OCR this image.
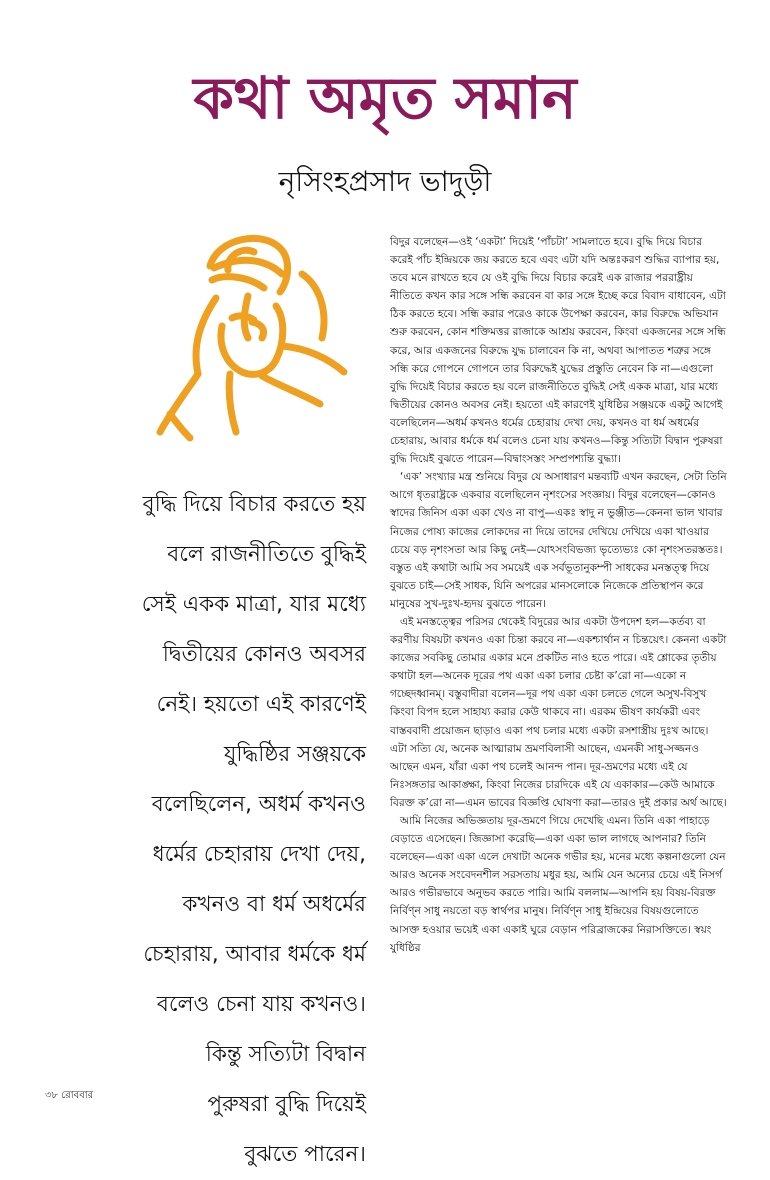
কথা অমৃত সমান
নৃসিংহপ্রসাদ ভাদুড়ী
বুদ্ধি দিয়ে বিচার করতে হয়
বলে রাজনীতিতে বুদ্ধিই
সেই একক মাত্রা, যার মধ্যে
দ্বিতীয়ের কোনও অবসর
নেই। হয়তো এই কারণেই
যুদ্ধিষ্ঠির সঞ্জয়কে
বলেছিলেন, অধর্ম কখনও
ধর্মের চেহারায় দেখা দেয়,
কখনও বা ধর্ম অধর্মের
চেহারায়, আবার ধর্মকে ধর্ম
বলেও চেনা যায় কখনও।
কিন্তু সত্যিটা বিদ্বান
পুরুষরা বুদ্ধি দিয়েই
বুঝতে পারেন।

বিদুর বলেছেন—ওই ‘একটা’ দিয়েই ‘পাঁচটা’ সামলাতে হবে। বুদ্ধি দিয়ে বিচার করেই পাঁচ ইন্দ্রিয়কে জয় করতে হবে এবং এটা যদি অন্তঃকরণ শুদ্ধির ব্যাপার হয়, তবে মনে রাখতে হবে যে ওই বুদ্ধি দিয়ে বিচার করেই এক রাজার পররাষ্ট্রীয় নীতিতে কখন কার সঙ্গে সন্ধি করবেন বা কার সঙ্গে ইচ্ছে করে বিবাদ বাধাবেন, এটা ঠিক করতে হবে। সন্ধি করার পরেও কাকে উপেক্ষা করবেন, কার বিরুদ্ধে অভিযান শুরু করবেন, কোন শক্তিমত্তর রাজাকে আশ্রয় করবেন, কিংবা একজনের সঙ্গে সন্ধি করে, আর একজনের বিরুদ্ধে যুদ্ধ চালাবেন কি না, অথবা আপাতত শত্রুর সঙ্গে সন্ধি করে গোপনে গোপনে তার বিরুদ্ধেই যুদ্ধের প্রস্তুতি নেবেন কি না—এগুলো বুদ্ধি দিয়েই বিচার করতে হয় বলে রাজনীতিতে বুদ্ধিই সেই একক মাত্রা, যার মধ্যে দ্বিতীয়ের কোনও অবসর নেই। হয়তো এই কারণেই যুধিষ্ঠির সঞ্জয়কে একটু আগেই বলেছিলেন—অধর্ম কখনও ধর্মের চেহারায় দেখা দেয়, কখনও বা ধর্ম অধর্মের চেহারায়, আবার ধর্মকে ধর্ম বলেও চেনা যায় কখনও—কিন্তু সত্যিটা বিদ্বান পুরুষরা বুদ্ধি দিয়েই বুঝতে পারেন—বিদ্বাংসস্তং সম্প্রপশ্যন্তি বুদ্ধ্যা।

‘এক’ সংখ্যার মন্ত্র শুনিয়ে বিদুর যে অসাধারণ মন্তব্যটি এখন করছেন, সেটা তিনি আগে ধৃতরাষ্ট্রকে একবার বলেছিলেন নৃশংসের সংজ্ঞায়। বিদুর বলেছেন—কোনও স্বাদের জিনিস একা একা খেও না বাপু—একঃ স্বাদু ন ভুঞ্জীত—কেননা ভাল খাবার নিজের পোষ্য কাজের লোকদের না দিয়ে তাদের দেখিয়ে দেখিয়ে একা খাওয়ার চেয়ে বড় নৃশংসতা আর কিছু নেই—যোঽসংবিভজ্য ভৃত্যেভ্যঃ কো নৃশংসতরস্ততঃ। বস্তুত এই কথাটা আমি সব সময়েই এক সর্বভূতানুকম্পী সাধকের মনস্তত্ত্ব দিয়ে বুঝতে চাই—সেই সাধক, যিনি অপরের মানসলোকে নিজেকে প্রতিস্থাপন করে মানুষের সুখ-দুঃখ-হৃদয় বুঝতে পারেন।

এই মনস্তত্ত্বের পরিসর থেকেই বিদুরের আর একটা উপদেশ হল—কর্তব্য বা করণীয় বিষয়টা কখনও একা চিন্তা করবে না—একশ্চার্থান ন চিন্তয়েৎ। কেননা একটা কাজের সবকিছু তোমার একার মনে প্রকটিত নাও হতে পারে। এই শ্লোকের তৃতীয় কথাটা হল—অনেক দূরের পথ একা একা চলার চেষ্টা ক’রো না—একো ন গচ্ছেদধ্বানম্। বস্তুবাদীরা বলেন—দূর পথ একা একা চলতে গেলে অসুখ-বিসুখ কিংবা বিপদ হলে সাহায্য করার কেউ থাকবে না। এরকম ভীষণ কার্যকরী এবং বাস্তববাদী প্রয়োজন ছাড়াও একা পথ চলার মধ্যে একটা রসশাস্ত্রীয় দুঃখ আছে। এটা সত্যি যে, অনেক আত্মারাম ভ্রমণবিলাসী আছেন, এমনকী সাধু-সজ্জনও আছেন এমন, যাঁরা একা পথ চলেই আনন্দ পান। দূর-ভ্রমণের মধ্যে এই যে নিঃসঙ্গতার আকাঙ্ক্ষা, কিংবা নিজের চারদিকে এই যে একাকার—কেউ আমাকে বিরক্ত ক’রো না—এমন ভাবের বিজ্ঞপ্তি ঘোষণা করা—তারও দুই প্রকার অর্থ আছে।

আমি নিজের অভিজ্ঞতায় দূর-ভ্রমণে গিয়ে দেখেছি এমন। তিনি একা পাহাড়ে বেড়াতে এসেছেন। জিজ্ঞাসা করেছি—একা একা ভাল লাগছে আপনার? তিনি বলেছেন—একা একা এলে দেখাটা অনেক গভীর হয়, মনের মধ্যে কল্পনাগুলো যেন আরও অনেক সংবেদনশীল সরসতায় মধুর হয়, আমি যেন অন্যের চেয়ে এই নিসর্গ আরও গভীরভাবে অনুভব করতে পারি। আমি বললাম—আপনি হয় বিষয়-বিরক্ত নির্বিণ্ন সাধু নয়তো বড় স্বার্থপর মানুষ। নির্বিণ্ন সাধু ইন্দ্রিয়ের বিষয়গুলোতে আসক্ত হওয়ার ভয়েই একা একাই ঘুরে বেড়ান পরিব্রাজকের নিরাসক্তিতে। স্বয়ং যুধিষ্ঠির

৩৮ রোববার
